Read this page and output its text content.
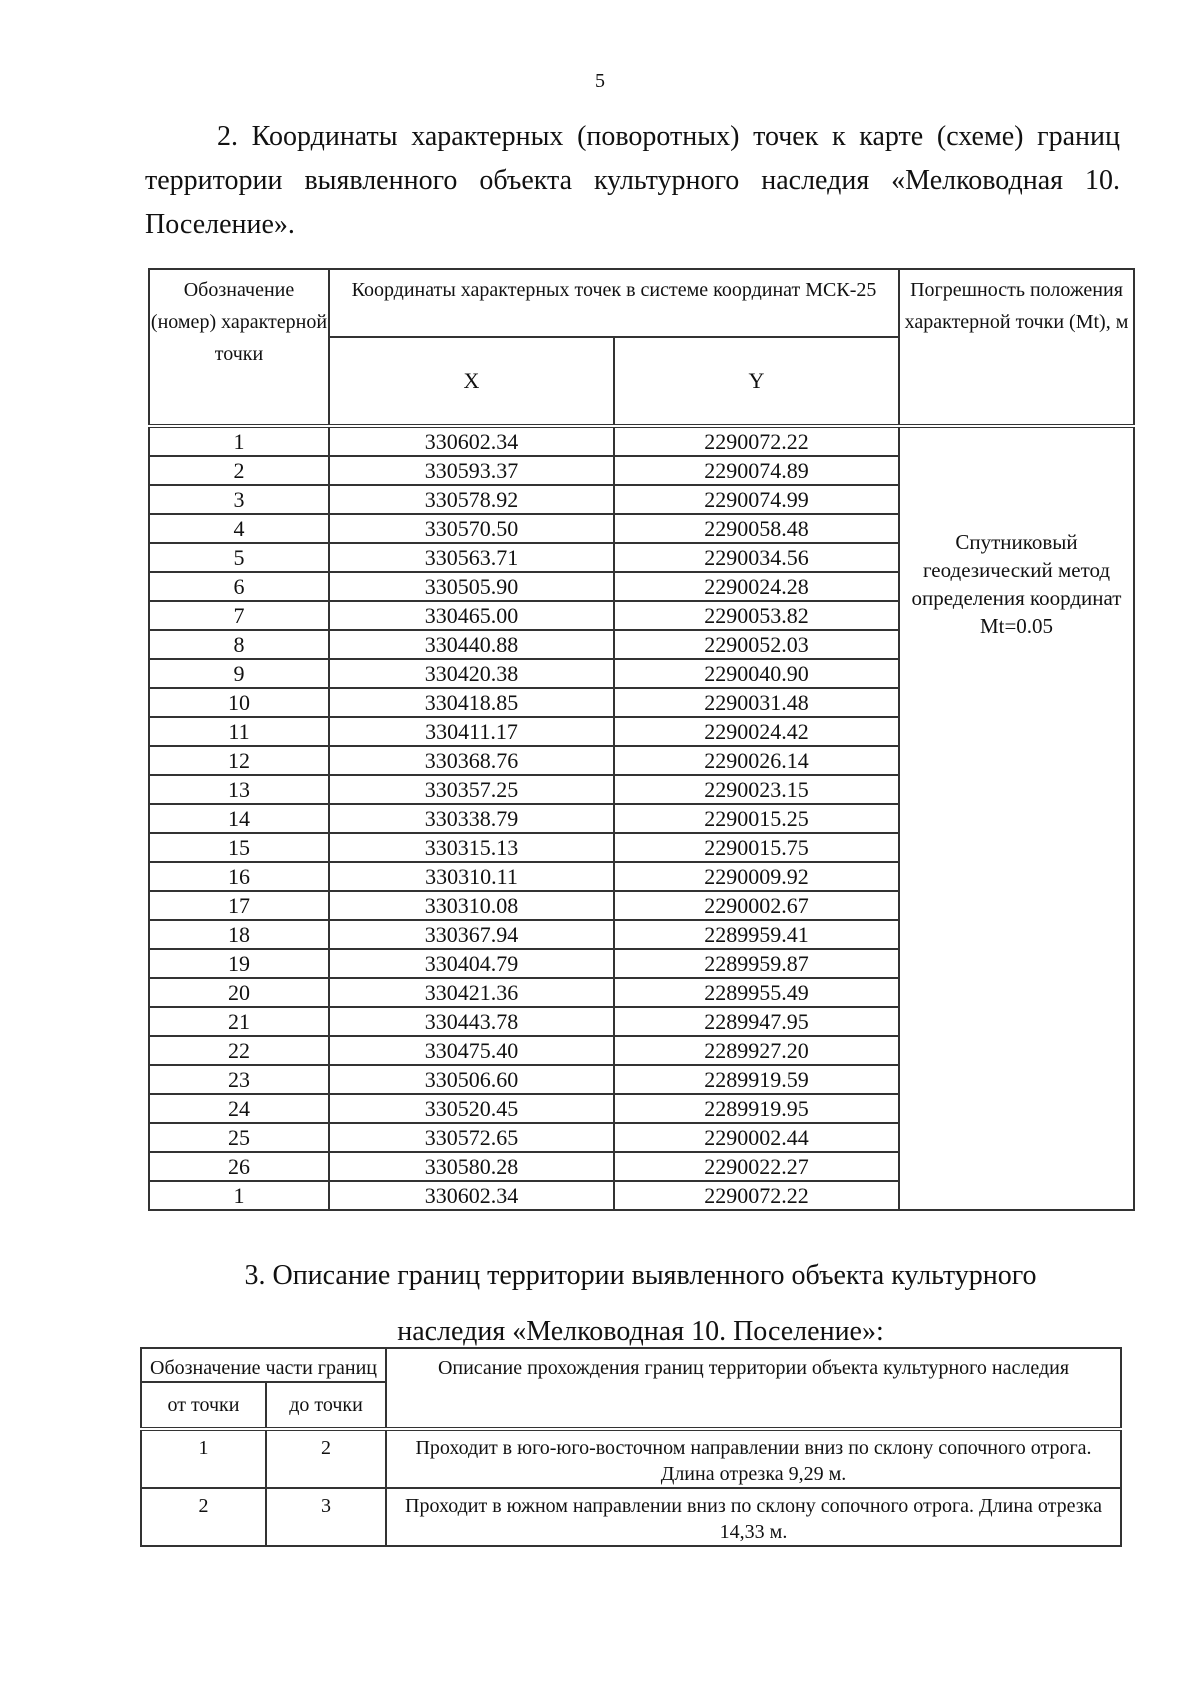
5

2. Координаты характерных (поворотных) точек к карте (схеме) границ территории выявленного объекта культурного наследия «Мелководная 10. Поселение».

Обозначение (номер) характерной точки	Координаты характерных точек в системе координат МСК-25		Погрешность положения характерной точки (Mt), м
	X	Y	
1	330602.34	2290072.22	Спутниковый геодезический метод определения координат Mt=0.05
2	330593.37	2290074.89	
3	330578.92	2290074.99	
4	330570.50	2290058.48	
5	330563.71	2290034.56	
6	330505.90	2290024.28	
7	330465.00	2290053.82	
8	330440.88	2290052.03	
9	330420.38	2290040.90	
10	330418.85	2290031.48	
11	330411.17	2290024.42	
12	330368.76	2290026.14	
13	330357.25	2290023.15	
14	330338.79	2290015.25	
15	330315.13	2290015.75	
16	330310.11	2290009.92	
17	330310.08	2290002.67	
18	330367.94	2289959.41	
19	330404.79	2289959.87	
20	330421.36	2289955.49	
21	330443.78	2289947.95	
22	330475.40	2289927.20	
23	330506.60	2289919.59	
24	330520.45	2289919.95	
25	330572.65	2290002.44	
26	330580.28	2290022.27	
1	330602.34	2290072.22	
3. Описание границ территории выявленного объекта культурного
наследия «Мелководная 10. Поселение»:
Обозначение части границ		Описание прохождения границ территории объекта культурного наследия
от точки	до точки	
1	2	Проходит в юго-юго-восточном направлении вниз по склону сопочного отрога. Длина отрезка 9,29 м.
2	3	Проходит в южном направлении вниз по склону сопочного отрога. Длина отрезка 14,33 м.
